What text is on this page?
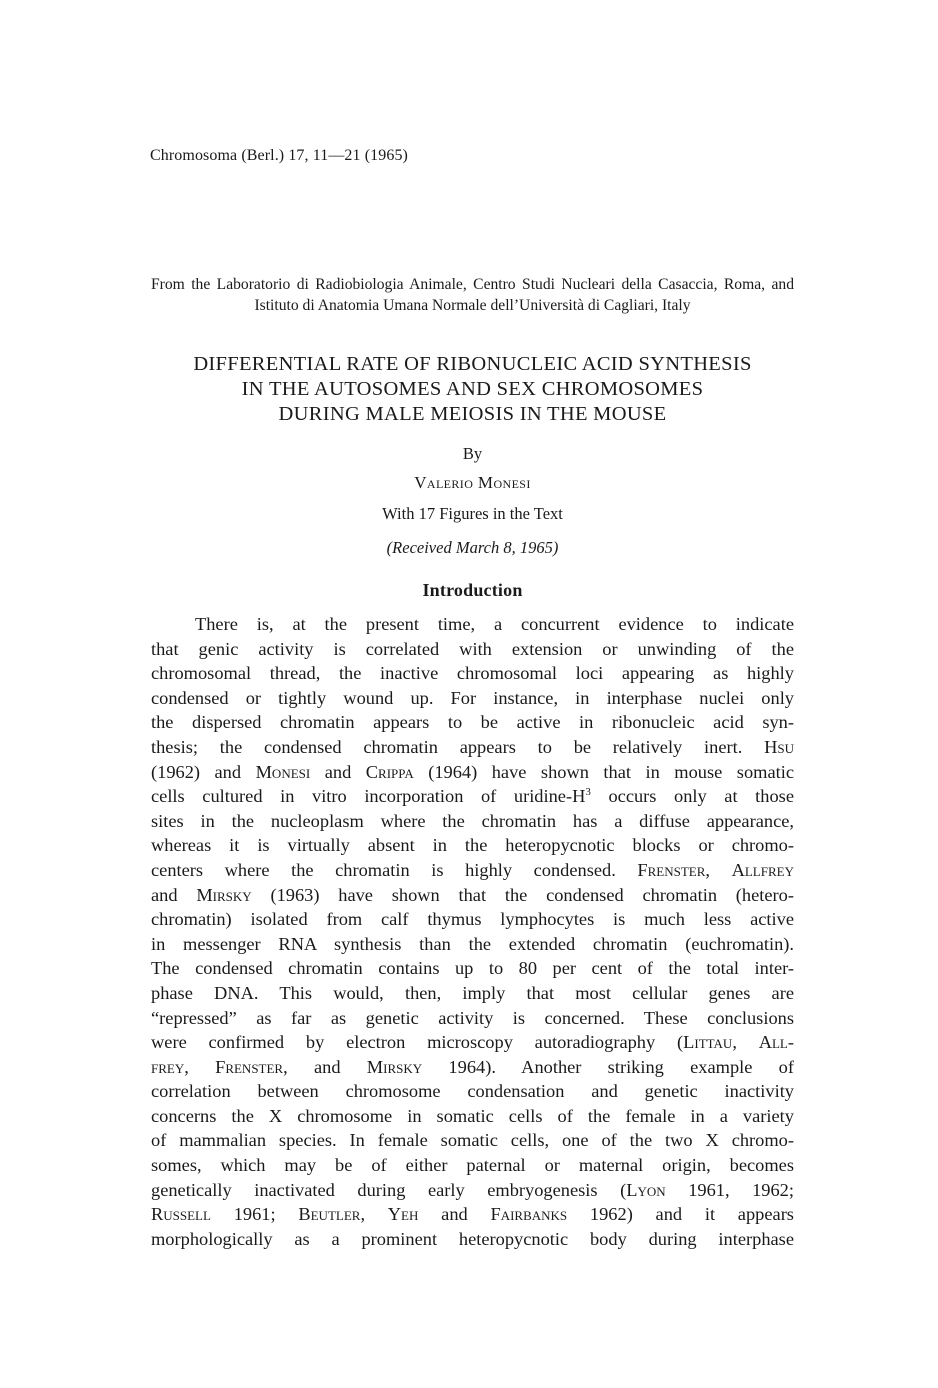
Chromosoma (Berl.) 17, 11—21 (1965)
From the Laboratorio di Radiobiologia Animale, Centro Studi Nucleari della Casaccia, Roma, and Istituto di Anatomia Umana Normale dell’Università di Cagliari, Italy
DIFFERENTIAL RATE OF RIBONUCLEIC ACID SYNTHESIS
IN THE AUTOSOMES AND SEX CHROMOSOMES
DURING MALE MEIOSIS IN THE MOUSE
By
Valerio Monesi
With 17 Figures in the Text
(Received March 8, 1965)
Introduction
There is, at the present time, a concurrent evidence to indicate
that genic activity is correlated with extension or unwinding of the
chromosomal thread, the inactive chromosomal loci appearing as highly
condensed or tightly wound up. For instance, in interphase nuclei only
the dispersed chromatin appears to be active in ribonucleic acid syn-
thesis; the condensed chromatin appears to be relatively inert. Hsu
(1962) and Monesi and Crippa (1964) have shown that in mouse somatic
cells cultured in vitro incorporation of uridine-$H^3$ occurs only at those
sites in the nucleoplasm where the chromatin has a diffuse appearance,
whereas it is virtually absent in the heteropycnotic blocks or chromo-
centers where the chromatin is highly condensed. Frenster, Allfrey
and Mirsky (1963) have shown that the condensed chromatin (hetero-
chromatin) isolated from calf thymus lymphocytes is much less active
in messenger RNA synthesis than the extended chromatin (euchromatin).
The condensed chromatin contains up to 80 per cent of the total inter-
phase DNA. This would, then, imply that most cellular genes are
“repressed” as far as genetic activity is concerned. These conclusions
were confirmed by electron microscopy autoradiography (Littau, All-
frey, Frenster, and Mirsky 1964). Another striking example of
correlation between chromosome condensation and genetic inactivity
concerns the X chromosome in somatic cells of the female in a variety
of mammalian species. In female somatic cells, one of the two X chromo-
somes, which may be of either paternal or maternal origin, becomes
genetically inactivated during early embryogenesis (Lyon 1961, 1962;
Russell 1961; Beutler, Yeh and Fairbanks 1962) and it appears
morphologically as a prominent heteropycnotic body during interphase
